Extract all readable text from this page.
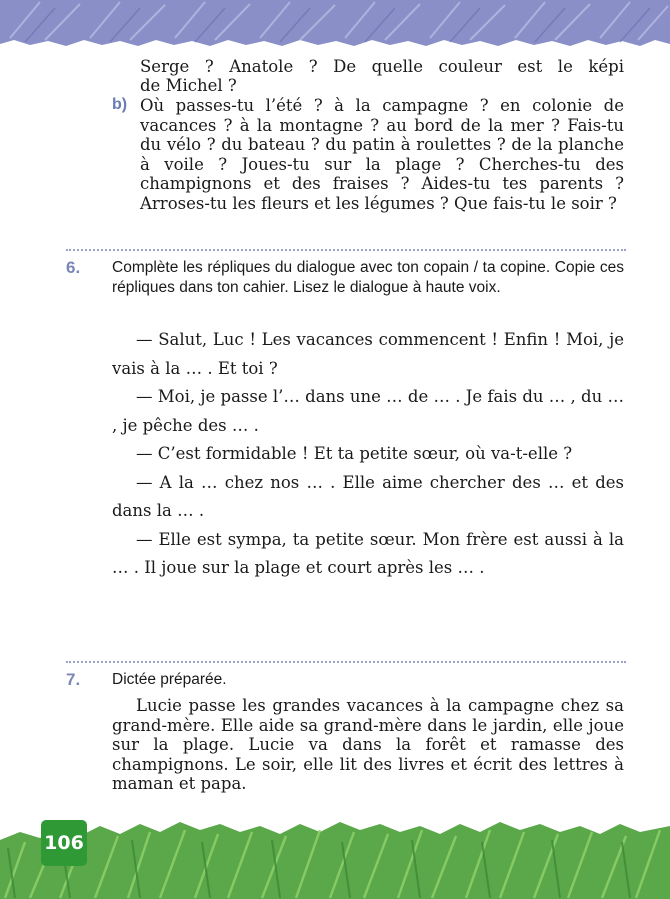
Serge ? Anatole ? De quelle couleur est le képi
de Michel ?
b) Où passes-tu l’été ? à la campagne ? en colonie de vacances ? à la montagne ? au bord de la mer ? Fais-tu du vélo ? du bateau ? du patin à roulettes ? de la planche à voile ? Joues-tu sur la plage ? Cherches-tu des champignons et des fraises ? Aides-tu tes parents ? Arroses-tu les fleurs et les légumes ? Que fais-tu le soir ?
6. Complète les répliques du dialogue avec ton copain / ta copine. Copie ces répliques dans ton cahier. Lisez le dialogue à haute voix.

— Salut, Luc ! Les vacances commencent ! Enfin ! Moi, je vais à la … . Et toi ?

— Moi, je passe l’… dans une … de … . Je fais du … , du … , je pêche des … .

— C’est formidable ! Et ta petite sœur, où va-t-elle ?

— A la … chez nos … . Elle aime chercher des … et des dans la … .

— Elle est sympa, ta petite sœur. Mon frère est aussi à la … . Il joue sur la plage et court après les … .

7. Dictée préparée.
Lucie passe les grandes vacances à la campagne chez sa grand-mère. Elle aide sa grand-mère dans le jardin, elle joue sur la plage. Lucie va dans la forêt et ramasse des champignons. Le soir, elle lit des livres et écrit des lettres à maman et papa.
106
